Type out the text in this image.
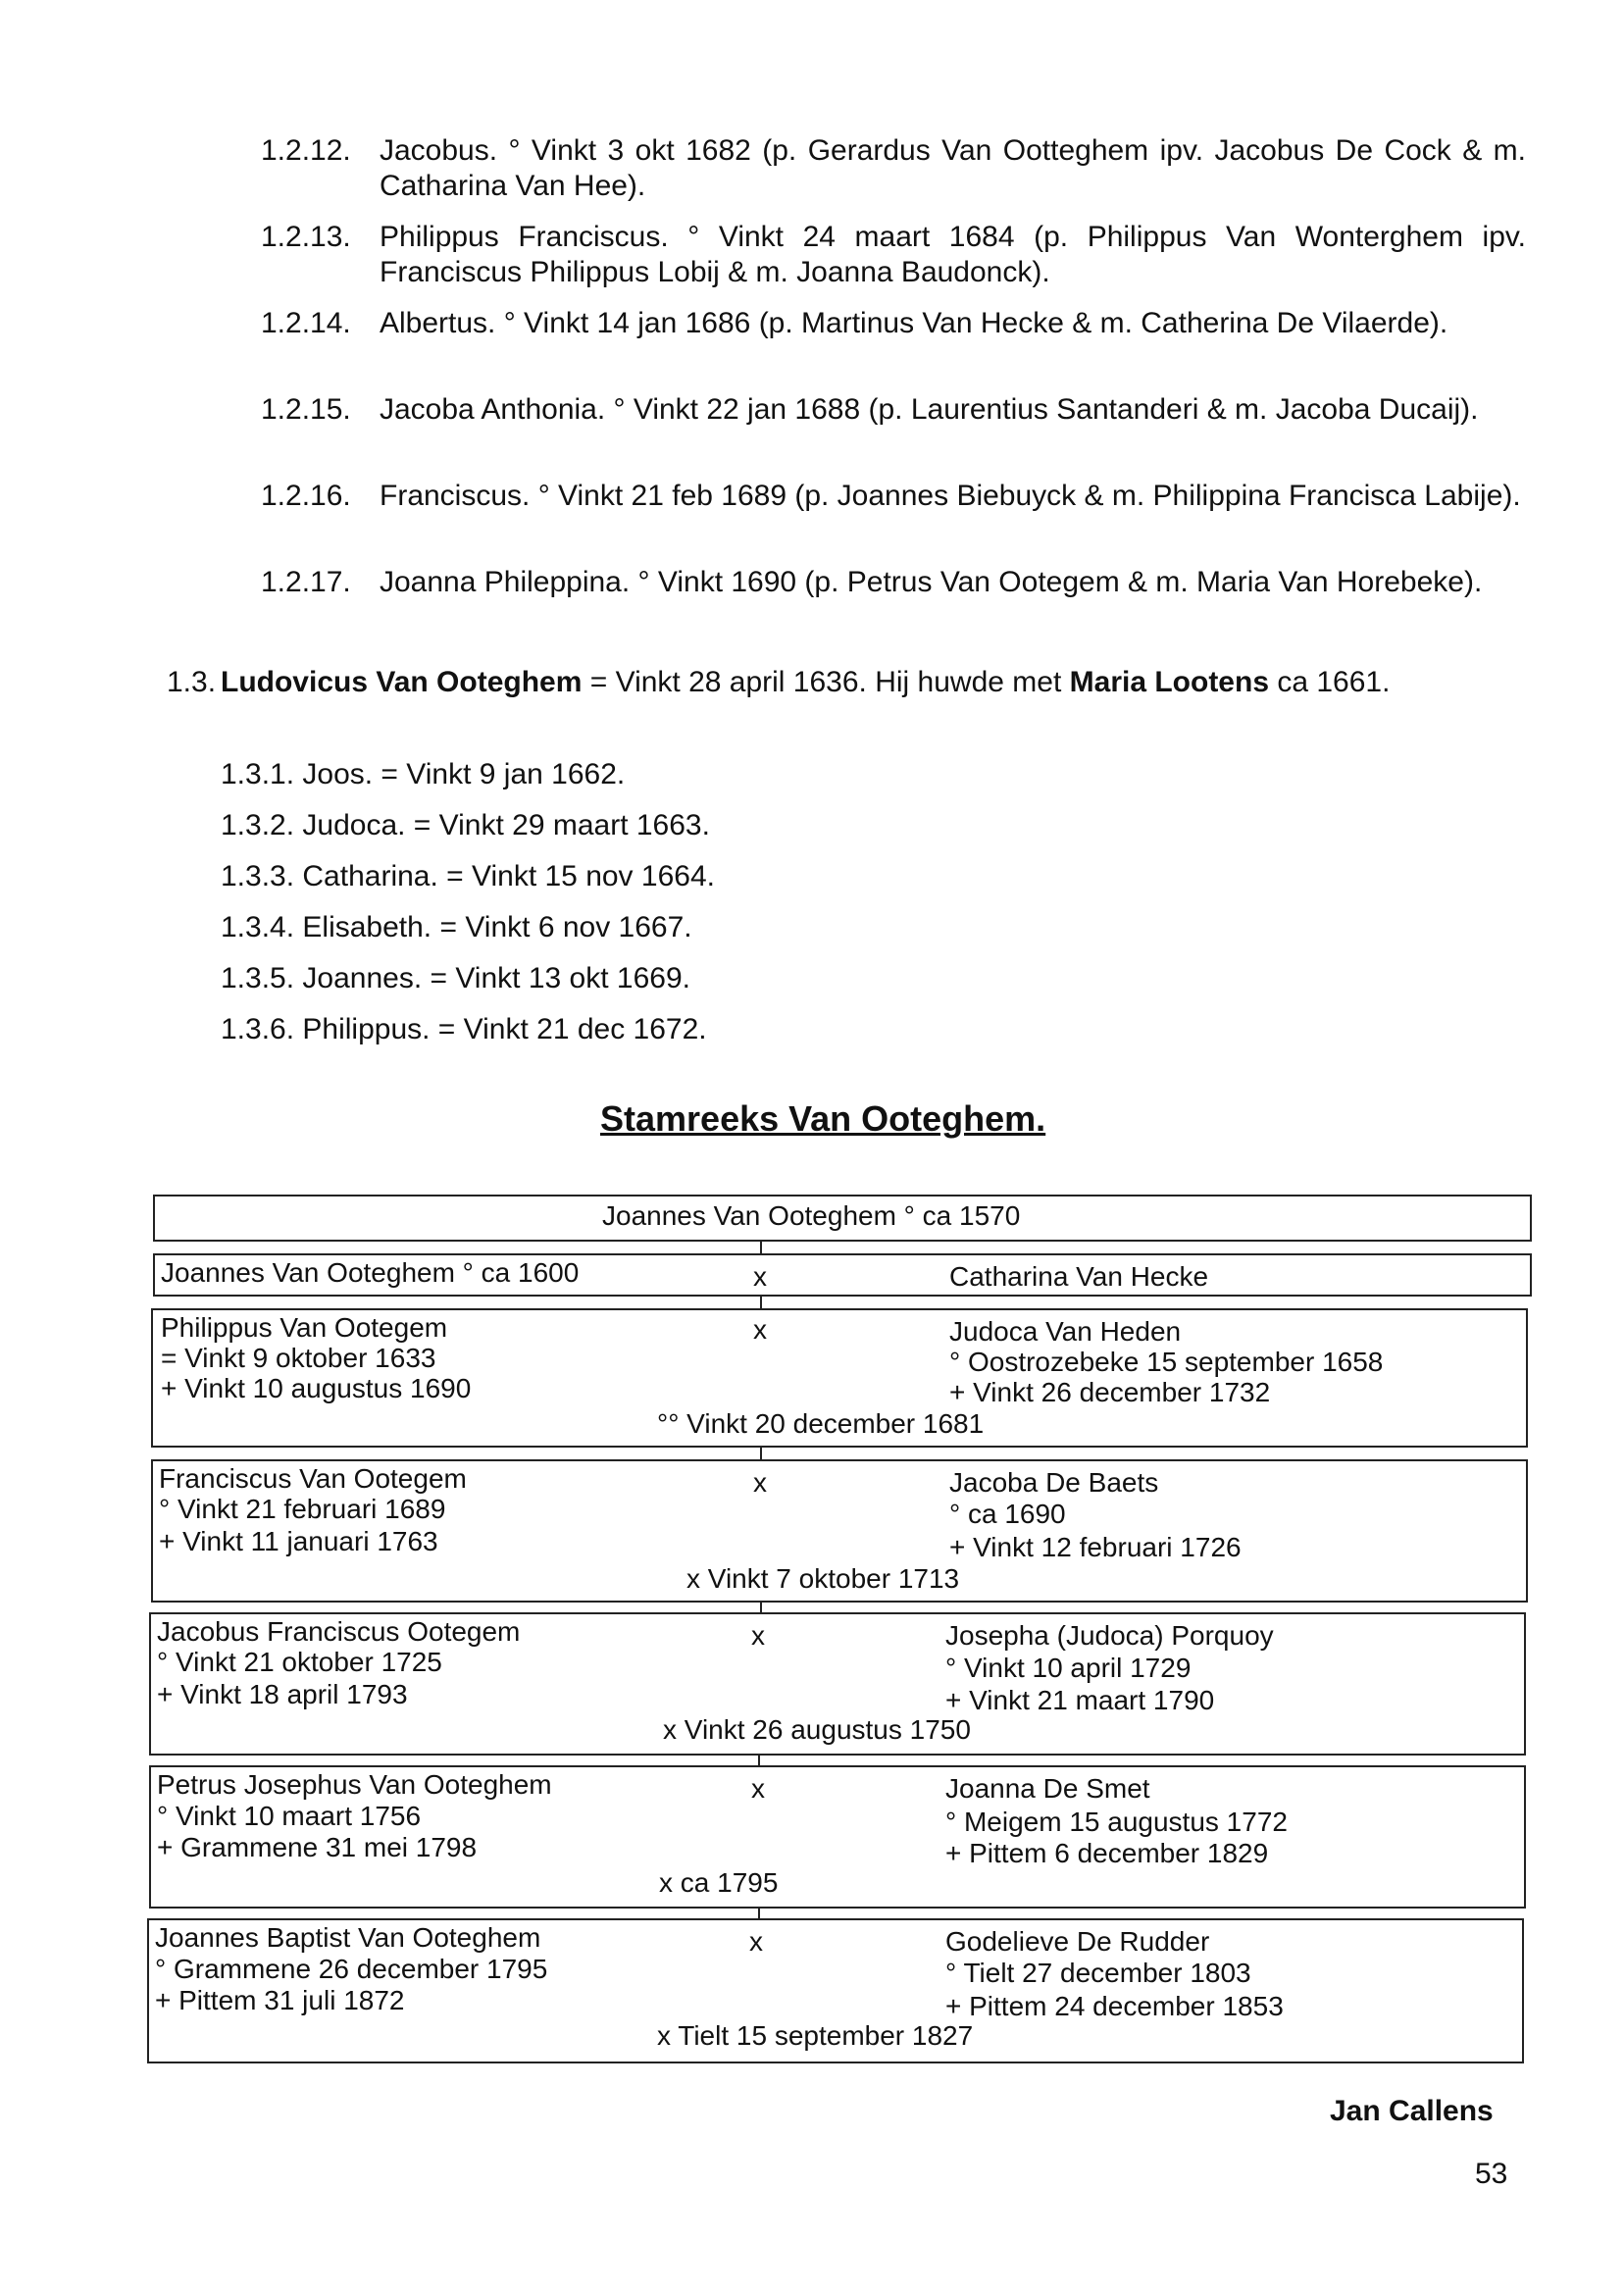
1.2.12. Jacobus. ° Vinkt 3 okt 1682 (p. Gerardus Van Ootteghem ipv. Jacobus De Cock & m. Catharina Van Hee).
1.2.13. Philippus Franciscus. ° Vinkt 24 maart 1684 (p. Philippus Van Wonterghem ipv. Franciscus Philippus Lobij & m. Joanna Baudonck).
1.2.14. Albertus. ° Vinkt 14 jan 1686 (p. Martinus Van Hecke & m. Catherina De Vilaerde).
1.2.15. Jacoba Anthonia. ° Vinkt 22 jan 1688 (p. Laurentius Santanderi & m. Jacoba Ducaij).
1.2.16. Franciscus. ° Vinkt 21 feb 1689 (p. Joannes Biebuyck & m. Philippina Francisca Labije).
1.2.17. Joanna Phileppina. ° Vinkt 1690 (p. Petrus Van Ootegem & m. Maria Van Horebeke).
1.3. Ludovicus Van Ooteghem = Vinkt 28 april 1636. Hij huwde met Maria Lootens ca 1661.
1.3.1. Joos. = Vinkt 9 jan 1662.
1.3.2. Judoca. = Vinkt 29 maart 1663.
1.3.3. Catharina. = Vinkt 15 nov 1664.
1.3.4. Elisabeth. = Vinkt 6 nov 1667.
1.3.5. Joannes. = Vinkt 13 okt 1669.
1.3.6. Philippus. = Vinkt 21 dec 1672.
Stamreeks Van Ooteghem.
Joannes Van Ooteghem ° ca 1570
Joannes Van Ooteghem ° ca 1600	x	Catharina Van Hecke
Philippus Van Ootegem
= Vinkt 9 oktober 1633
+ Vinkt 10 augustus 1690
x	Judoca Van Heden
° Oostrozebeke 15 september 1658
+ Vinkt 26 december 1732
°° Vinkt 20 december 1681
Franciscus Van Ootegem
° Vinkt 21 februari 1689
+ Vinkt 11 januari 1763
x	Jacoba De Baets
° ca 1690
+ Vinkt 12 februari 1726
x Vinkt 7 oktober 1713
Jacobus Franciscus Ootegem
° Vinkt 21 oktober 1725
+ Vinkt 18 april 1793
x	Josepha (Judoca) Porquoy
° Vinkt 10 april 1729
+ Vinkt 21 maart 1790
x Vinkt 26 augustus 1750
Petrus Josephus Van Ooteghem
° Vinkt 10 maart 1756
+ Grammene 31 mei 1798
x	Joanna De Smet
° Meigem 15 augustus 1772
+ Pittem 6 december 1829
x ca 1795
Joannes Baptist Van Ooteghem
° Grammene 26 december 1795
+ Pittem 31 juli 1872
x	Godelieve De Rudder
° Tielt 27 december 1803
+ Pittem 24 december 1853
x Tielt 15 september 1827
Jan Callens
53
